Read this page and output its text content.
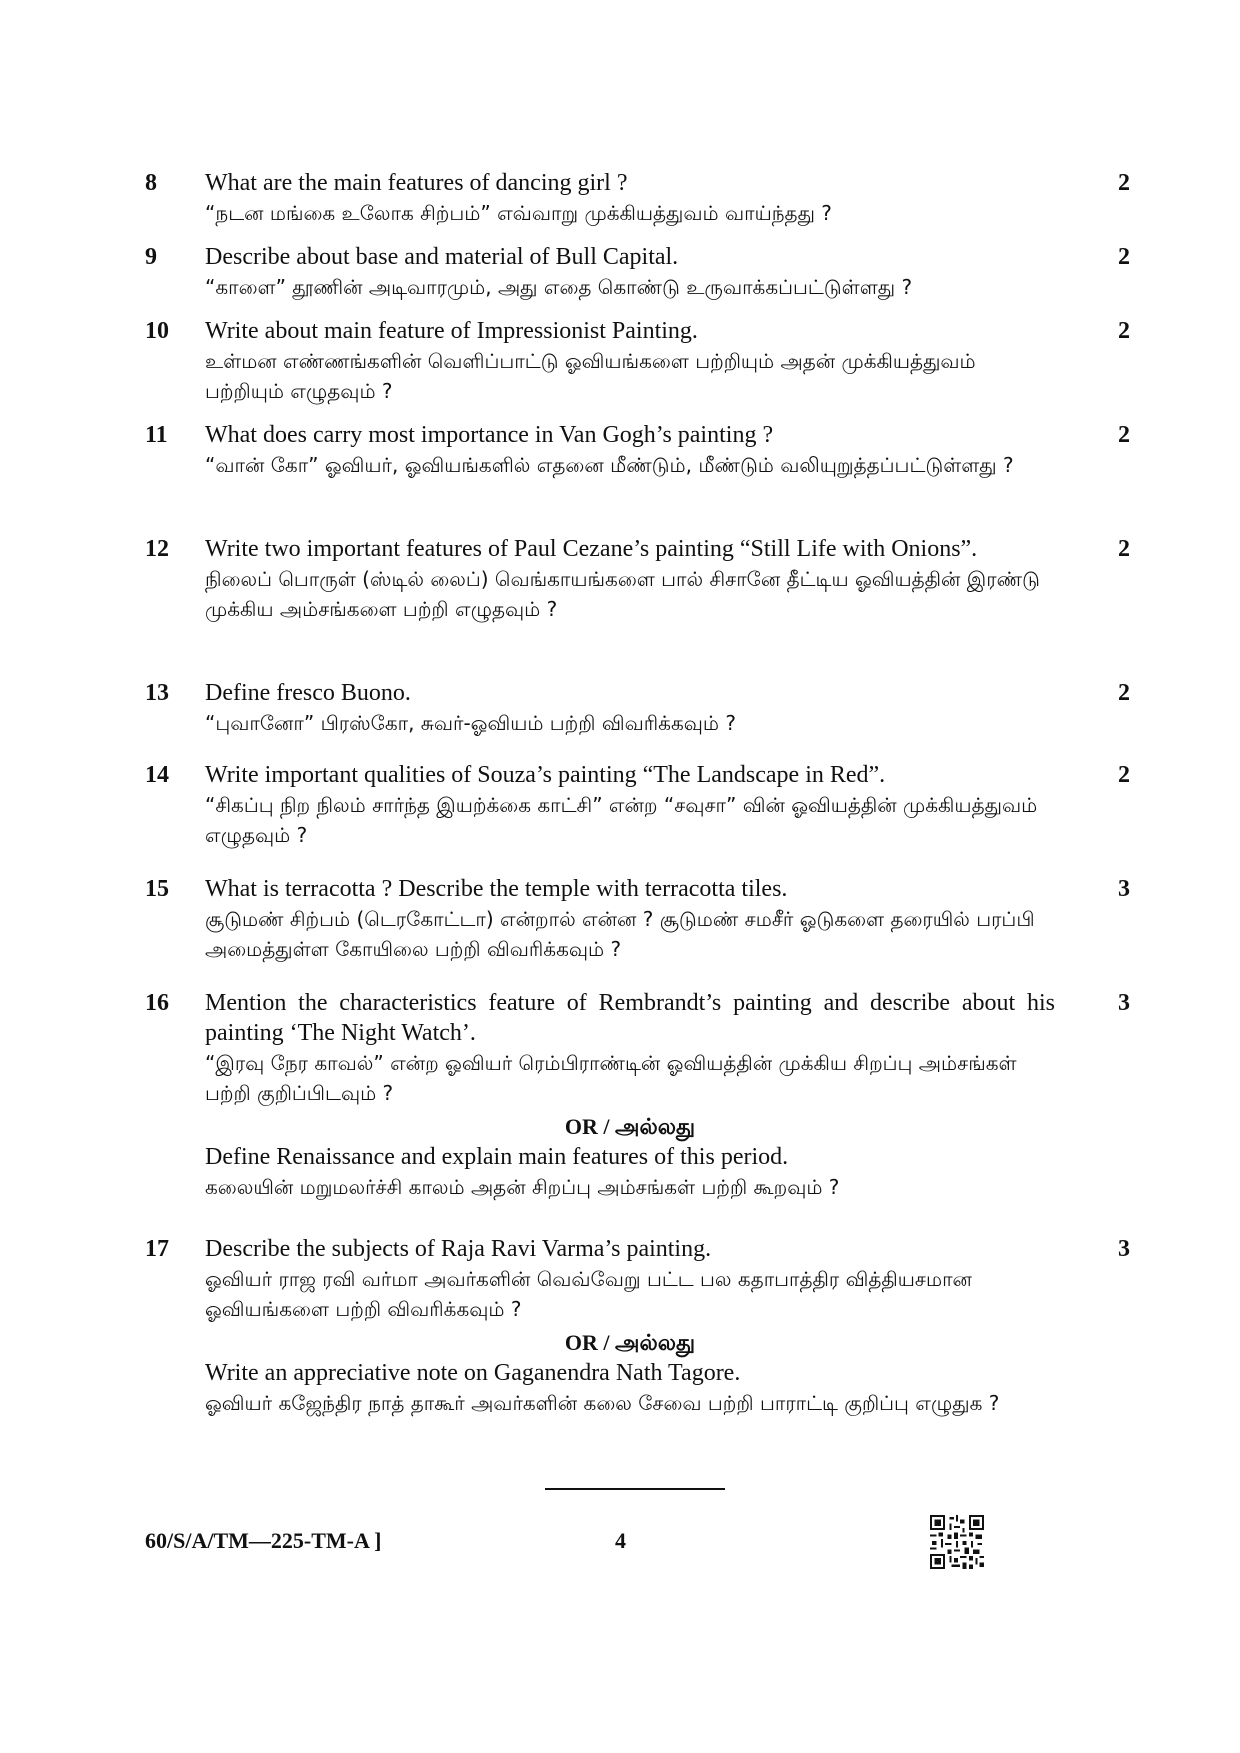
8 What are the main features of dancing girl ?
“நடன மங்கை உலோக சிற்பம்” எவ்வாறு முக்கியத்துவம் வாய்ந்தது ?
2
9 Describe about base and material of Bull Capital.
“காளை” தூணின் அடிவாரமும், அது எதை கொண்டு உருவாக்கப்பட்டுள்ளது ?
2
10 Write about main feature of Impressionist Painting.
உள்மன எண்ணங்களின் வெளிப்பாட்டு ஓவியங்களை பற்றியும் அதன் முக்கியத்துவம் பற்றியும் எழுதவும் ?
2
11 What does carry most importance in Van Gogh’s painting ?
“வான் கோ” ஓவியர், ஓவியங்களில் எதனை மீண்டும், மீண்டும் வலியுறுத்தப்பட்டுள்ளது ?
2
12 Write two important features of Paul Cezane’s painting “Still Life with Onions”.
நிலைப் பொருள் (ஸ்டில் லைப்) வெங்காயங்களை பால் சிசானே தீட்டிய ஓவியத்தின் இரண்டு முக்கிய அம்சங்களை பற்றி எழுதவும் ?
2
13 Define fresco Buono.
“புவானோ” பிரஸ்கோ, சுவர்-ஓவியம் பற்றி விவரிக்கவும் ?
2
14 Write important qualities of Souza’s painting “The Landscape in Red”.
“சிகப்பு நிற நிலம் சார்ந்த இயற்க்கை காட்சி” என்ற “சவுசா” வின் ஓவியத்தின் முக்கியத்துவம் எழுதவும் ?
2
15 What is terracotta ? Describe the temple with terracotta tiles.
சூடுமண் சிற்பம் (டெரகோட்டா) என்றால் என்ன ? சூடுமண் சமசீர் ஓடுகளை தரையில் பரப்பி அமைத்துள்ள கோயிலை பற்றி விவரிக்கவும் ?
3
16 Mention the characteristics feature of Rembrandt’s painting and describe about his painting ‘The Night Watch’.
“இரவு நேர காவல்” என்ற ஓவியர் ரெம்பிராண்டின் ஓவியத்தின் முக்கிய சிறப்பு அம்சங்கள் பற்றி குறிப்பிடவும் ?
OR / அல்லது
Define Renaissance and explain main features of this period.
கலையின் மறுமலர்ச்சி காலம் அதன் சிறப்பு அம்சங்கள் பற்றி கூறவும் ?
3
17 Describe the subjects of Raja Ravi Varma’s painting.
ஓவியர் ராஜ ரவி வர்மா அவர்களின் வெவ்வேறு பட்ட பல கதாபாத்திர வித்தியசமான ஓவியங்களை பற்றி விவரிக்கவும் ?
OR / அல்லது
Write an appreciative note on Gaganendra Nath Tagore.
ஓவியர் கஜேந்திர நாத் தாகூர் அவர்களின் கலை சேவை பற்றி பாராட்டி குறிப்பு எழுதுக ?
3
60/S/A/TM—225-TM-A ]	4
